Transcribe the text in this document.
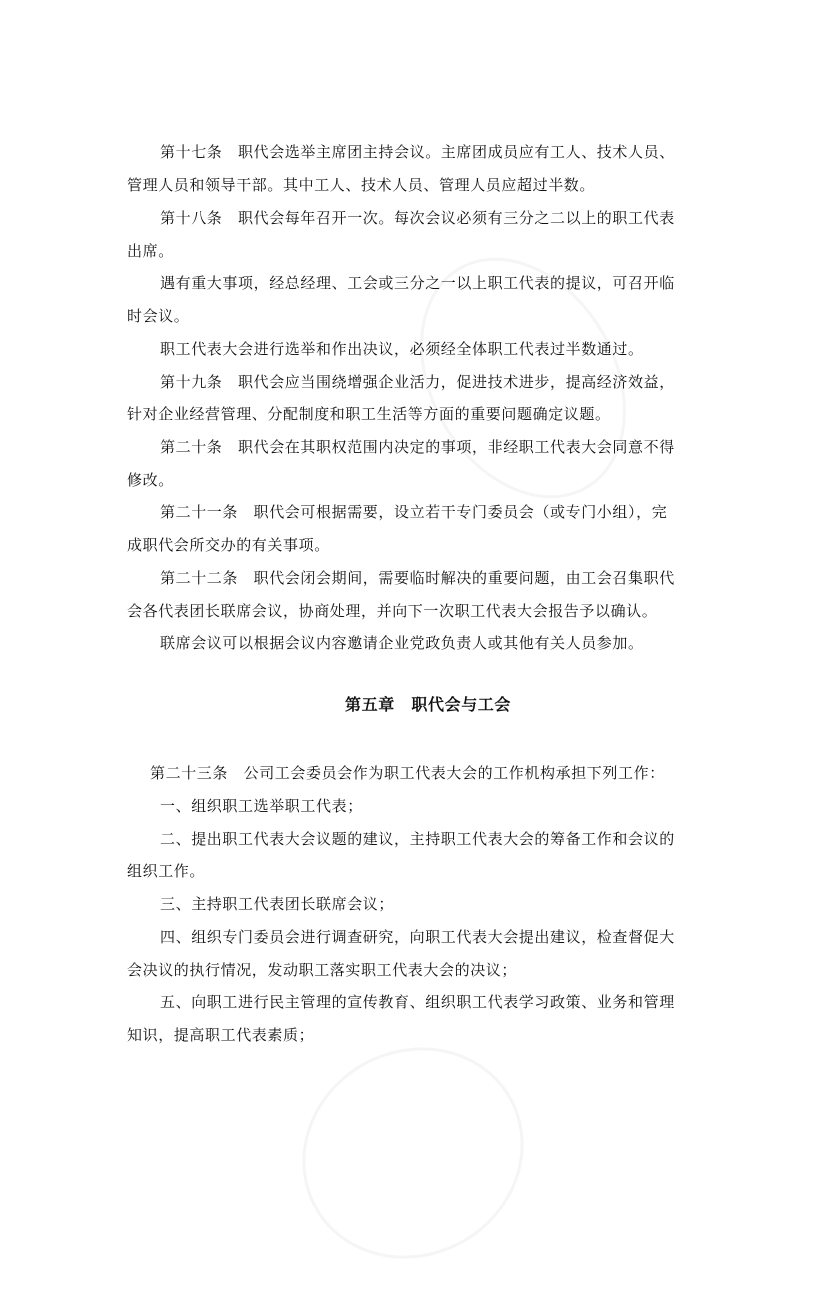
第十七条　职代会选举主席团主持会议。主席团成员应有工人、技术人员、
管理人员和领导干部。其中工人、技术人员、管理人员应超过半数。
第十八条　职代会每年召开一次。每次会议必须有三分之二以上的职工代表
出席。
遇有重大事项，经总经理、工会或三分之一以上职工代表的提议，可召开临
时会议。
职工代表大会进行选举和作出决议，必须经全体职工代表过半数通过。
第十九条　职代会应当围绕增强企业活力，促进技术进步，提高经济效益，
针对企业经营管理、分配制度和职工生活等方面的重要问题确定议题。
第二十条　职代会在其职权范围内决定的事项，非经职工代表大会同意不得
修改。
第二十一条　职代会可根据需要，设立若干专门委员会（或专门小组），完
成职代会所交办的有关事项。
第二十二条　职代会闭会期间，需要临时解决的重要问题，由工会召集职代
会各代表团长联席会议，协商处理，并向下一次职工代表大会报告予以确认。
联席会议可以根据会议内容邀请企业党政负责人或其他有关人员参加。
第五章　职代会与工会
第二十三条　公司工会委员会作为职工代表大会的工作机构承担下列工作：
一、组织职工选举职工代表；
二、提出职工代表大会议题的建议，主持职工代表大会的筹备工作和会议的
组织工作。
三、主持职工代表团长联席会议；
四、组织专门委员会进行调查研究，向职工代表大会提出建议，检查督促大
会决议的执行情况，发动职工落实职工代表大会的决议；
五、向职工进行民主管理的宣传教育、组织职工代表学习政策、业务和管理
知识，提高职工代表素质；
